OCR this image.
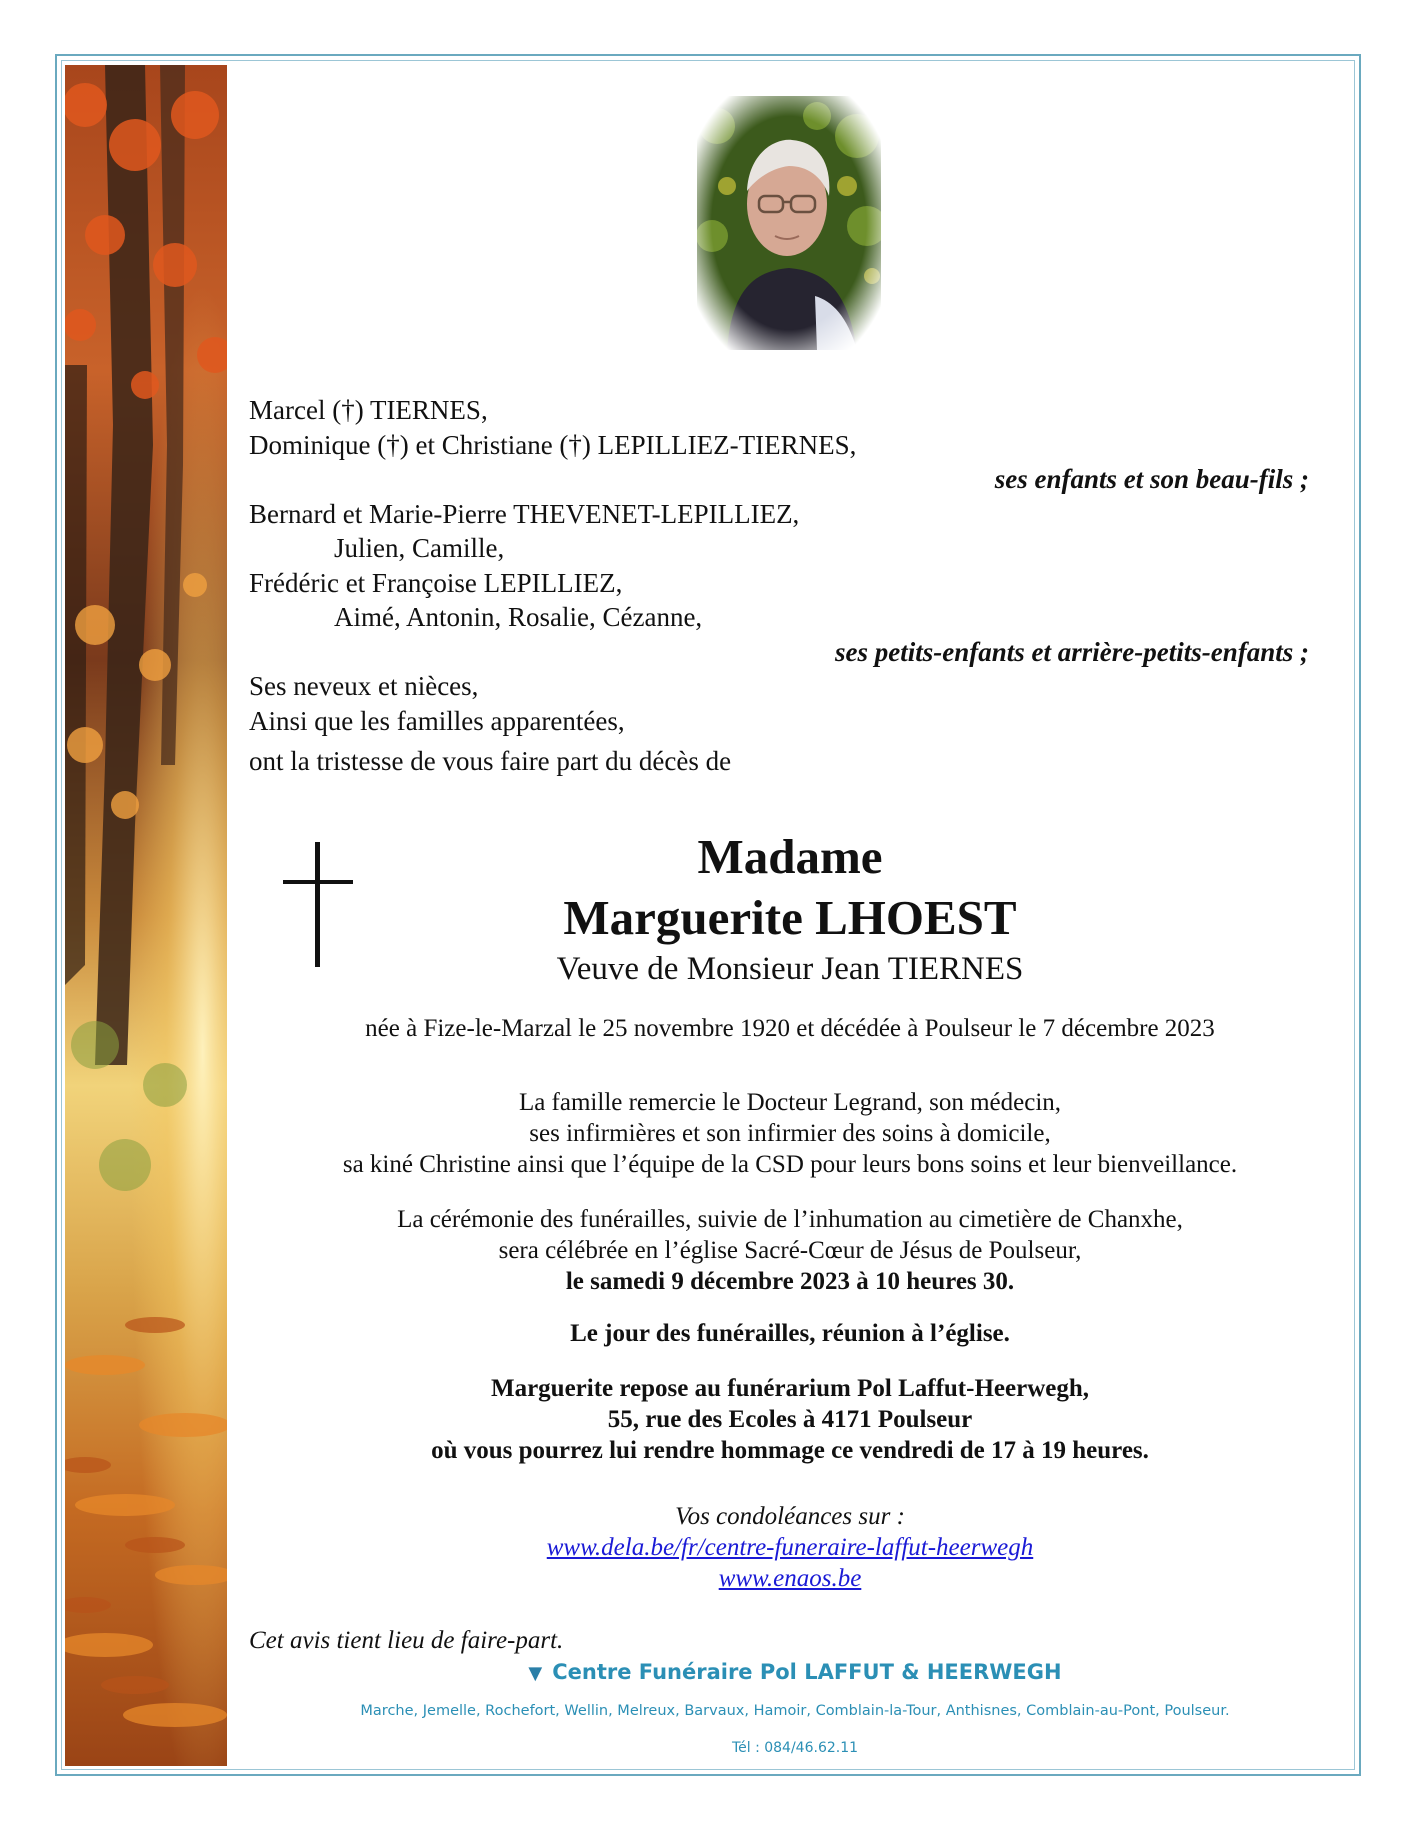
Marcel (†) TIERNES,
Dominique (†) et Christiane (†) LEPILLIEZ-TIERNES,
ses enfants et son beau-fils ;
Bernard et Marie-Pierre THEVENET-LEPILLIEZ,
Julien, Camille,
Frédéric et Françoise LEPILLIEZ,
Aimé, Antonin, Rosalie, Cézanne,
ses petits-enfants et arrière-petits-enfants ;
Ses neveux et nièces,
Ainsi que les familles apparentées,
ont la tristesse de vous faire part du décès de
Madame
Marguerite LHOEST
Veuve de Monsieur Jean TIERNES
née à Fize-le-Marzal le 25 novembre 1920 et décédée à Poulseur le 7 décembre 2023
La famille remercie le Docteur Legrand, son médecin,
ses infirmières et son infirmier des soins à domicile,
sa kiné Christine ainsi que l’équipe de la CSD pour leurs bons soins et leur bienveillance.
La cérémonie des funérailles, suivie de l’inhumation au cimetière de Chanxhe,
sera célébrée en l’église Sacré-Cœur de Jésus de Poulseur,
le samedi 9 décembre 2023 à 10 heures 30.
Le jour des funérailles, réunion à l’église.
Marguerite repose au funérarium Pol Laffut-Heerwegh,
55, rue des Ecoles à 4171 Poulseur
où vous pourrez lui rendre hommage ce vendredi de 17 à 19 heures.
Vos condoléances sur :
www.dela.be/fr/centre-funeraire-laffut-heerwegh
www.enaos.be
Cet avis tient lieu de faire-part.
▼ Centre Funéraire Pol LAFFUT & HEERWEGH
Marche, Jemelle, Rochefort, Wellin, Melreux, Barvaux, Hamoir, Comblain-la-Tour, Anthisnes, Comblain-au-Pont, Poulseur.
Tél : 084/46.62.11
